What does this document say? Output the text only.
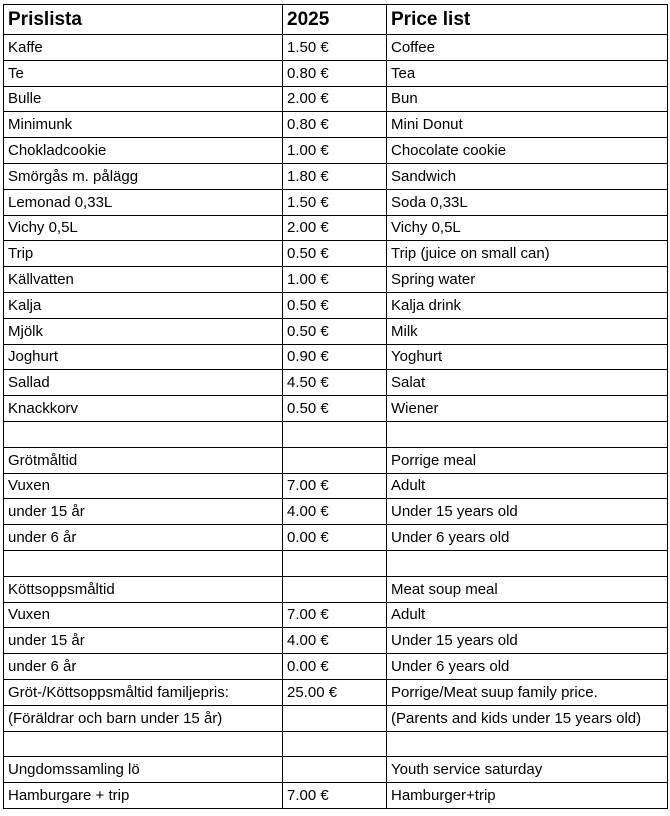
Prislista	2025	Price list
Kaffe	1.50 €	Coffee
Te	0.80 €	Tea
Bulle	2.00 €	Bun
Minimunk	0.80 €	Mini Donut
Chokladcookie	1.00 €	Chocolate cookie
Smörgås m. pålägg	1.80 €	Sandwich
Lemonad 0,33L	1.50 €	Soda 0,33L
Vichy 0,5L	2.00 €	Vichy 0,5L
Trip	0.50 €	Trip (juice on small can)
Källvatten	1.00 €	Spring water
Kalja	0.50 €	Kalja drink
Mjölk	0.50 €	Milk
Joghurt	0.90 €	Yoghurt
Sallad	4.50 €	Salat
Knackkorv	0.50 €	Wiener

Grötmåltid		Porrige meal
Vuxen	7.00 €	Adult
under 15 år	4.00 €	Under 15 years old
under 6 år	0.00 €	Under 6 years old

Köttsoppsmåltid		Meat soup meal
Vuxen	7.00 €	Adult
under 15 år	4.00 €	Under 15 years old
under 6 år	0.00 €	Under 6 years old
Gröt-/Köttsoppsmåltid familjepris:	25.00 €	Porrige/Meat suup family price.
(Föräldrar och barn under 15 år)		(Parents and kids under 15 years old)

Ungdomssamling lö		Youth service saturday
Hamburgare + trip	7.00 €	Hamburger+trip
